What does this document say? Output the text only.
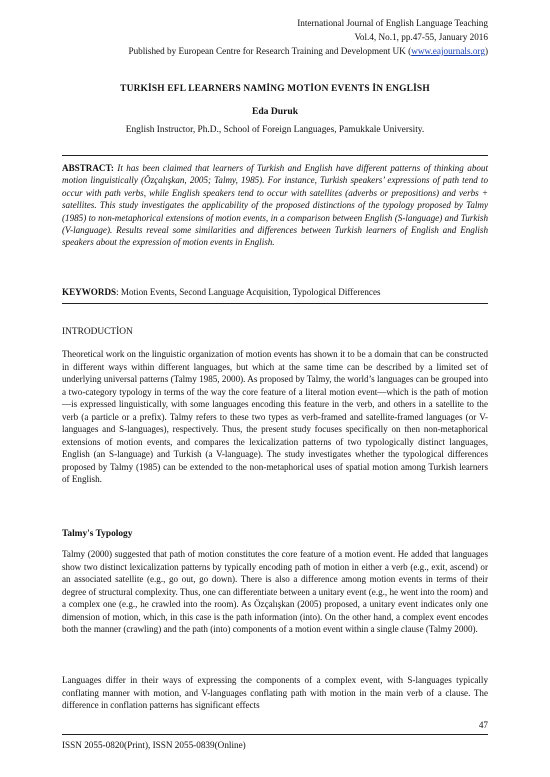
International Journal of English Language Teaching
Vol.4, No.1, pp.47-55, January 2016
Published by European Centre for Research Training and Development UK (www.eajournals.org)
TURKİSH EFL LEARNERS NAMİNG MOTİON EVENTS İN ENGLİSH
Eda Duruk
English Instructor, Ph.D., School of Foreign Languages, Pamukkale University.
ABSTRACT: It has been claimed that learners of Turkish and English have different patterns of thinking about motion linguistically (Özçalışkan, 2005; Talmy, 1985). For instance, Turkish speakers’ expressions of path tend to occur with path verbs, while English speakers tend to occur with satellites (adverbs or prepositions) and verbs + satellites. This study investigates the applicability of the proposed distinctions of the typology proposed by Talmy (1985) to non-metaphorical extensions of motion events, in a comparison between English (S-language) and Turkish (V-language). Results reveal some similarities and differences between Turkish learners of English and English speakers about the expression of motion events in English.
KEYWORDS: Motion Events, Second Language Acquisition, Typological Differences
INTRODUCTİON

Theoretical work on the linguistic organization of motion events has shown it to be a domain that can be constructed in different ways within different languages, but which at the same time can be described by a limited set of underlying universal patterns (Talmy 1985, 2000). As proposed by Talmy, the world’s languages can be grouped into a two-category typology in terms of the way the core feature of a literal motion event—which is the path of motion—is expressed linguistically, with some languages encoding this feature in the verb, and others in a satellite to the verb (a particle or a prefix). Talmy refers to these two types as verb-framed and satellite-framed languages (or V-languages and S-languages), respectively. Thus, the present study focuses specifically on then non-metaphorical extensions of motion events, and compares the lexicalization patterns of two typologically distinct languages, English (an S-language) and Turkish (a V-language). The study investigates whether the typological differences proposed by Talmy (1985) can be extended to the non-metaphorical uses of spatial motion among Turkish learners of English.

Talmy's Typology

Talmy (2000) suggested that path of motion constitutes the core feature of a motion event. He added that languages show two distinct lexicalization patterns by typically encoding path of motion in either a verb (e.g., exit, ascend) or an associated satellite (e.g., go out, go down). There is also a difference among motion events in terms of their degree of structural complexity. Thus, one can differentiate between a unitary event (e.g., he went into the room) and a complex one (e.g., he crawled into the room). As Özçalışkan (2005) proposed, a unitary event indicates only one dimension of motion, which, in this case is the path information (into). On the other hand, a complex event encodes both the manner (crawling) and the path (into) components of a motion event within a single clause (Talmy 2000).

Languages differ in their ways of expressing the components of a complex event, with S-languages typically conflating manner with motion, and V-languages conflating path with motion in the main verb of a clause. The difference in conflation patterns has significant effects

47
ISSN 2055-0820(Print), ISSN 2055-0839(Online)
